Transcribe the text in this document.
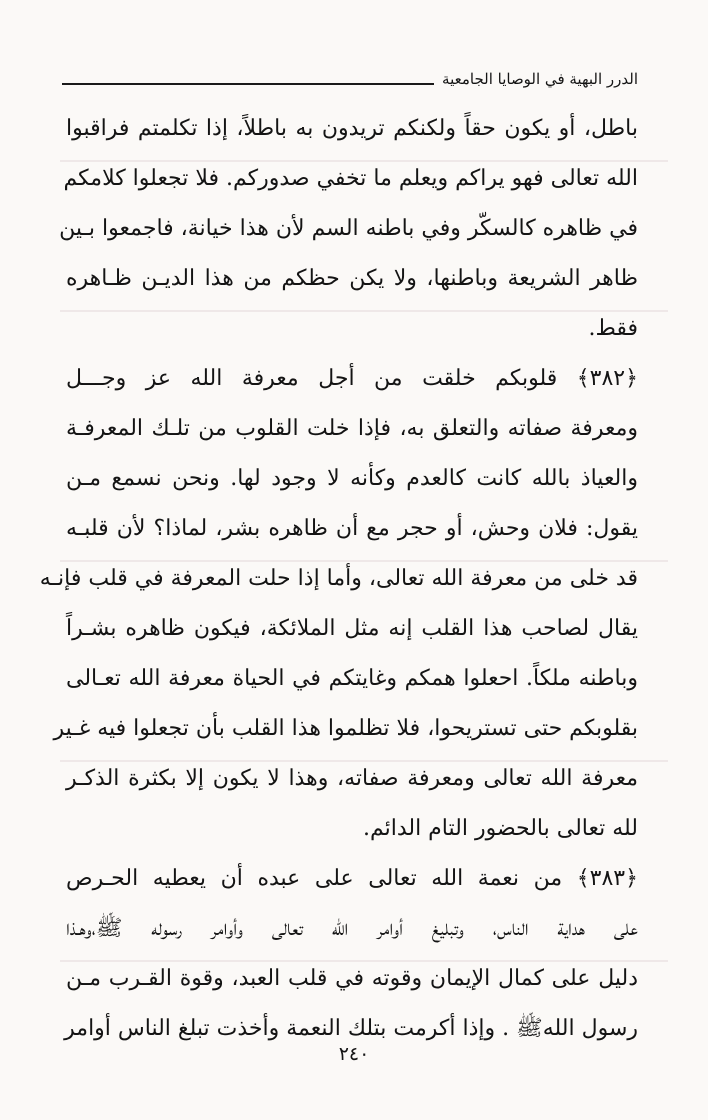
الدرر البهية في الوصايا الجامعية
باطل، أو يكون حقاً ولكنكم تريدون به باطلاً، إذا تكلمتم فراقبوا
الله تعالى فهو يراكم ويعلم ما تخفي صدوركم. فلا تجعلوا كلامكم
في ظاهره كالسكّر وفي باطنه السم لأن هذا خيانة، فاجمعوا بـين
ظاهر الشريعة وباطنها، ولا يكن حظكم من هذا الديـن ظـاهره
فقط.
﴿٣٨٢﴾ قلوبكم خلقت من أجل معرفة الله عز وجـــل
ومعرفة صفاته والتعلق به، فإذا خلت القلوب من تلـك المعرفـة
والعياذ بالله كانت كالعدم وكأنه لا وجود لها. ونحن نسمع مـن
يقول: فلان وحش، أو حجر مع أن ظاهره بشر، لماذا؟ لأن قلبـه
قد خلى من معرفة الله تعالى، وأما إذا حلت المعرفة في قلب فإنـه
يقال لصاحب هذا القلب إنه مثل الملائكة، فيكون ظاهره بشـراً
وباطنه ملكاً. احعلوا همكم وغايتكم في الحياة معرفة الله تعـالى
بقلوبكم حتى تستريحوا، فلا تظلموا هذا القلب بأن تجعلوا فيه غـير
معرفة الله تعالى ومعرفة صفاته، وهذا لا يكون إلا بكثرة الذكـر
لله تعالى بالحضور التام الدائم.
﴿٣٨٣﴾ من نعمة الله تعالى على عبده أن يعطيه الحـرص
على هداية الناس، وتبليغ أوامر الله تعالى وأوامر رسوله ﷺ،وهـذا
دليل على كمال الإيمان وقوته في قلب العبد، وقوة القـرب مـن
رسول اللهﷺ . وإذا أكرمت بتلك النعمة وأخذت تبلغ الناس أوامر
٢٤٠
